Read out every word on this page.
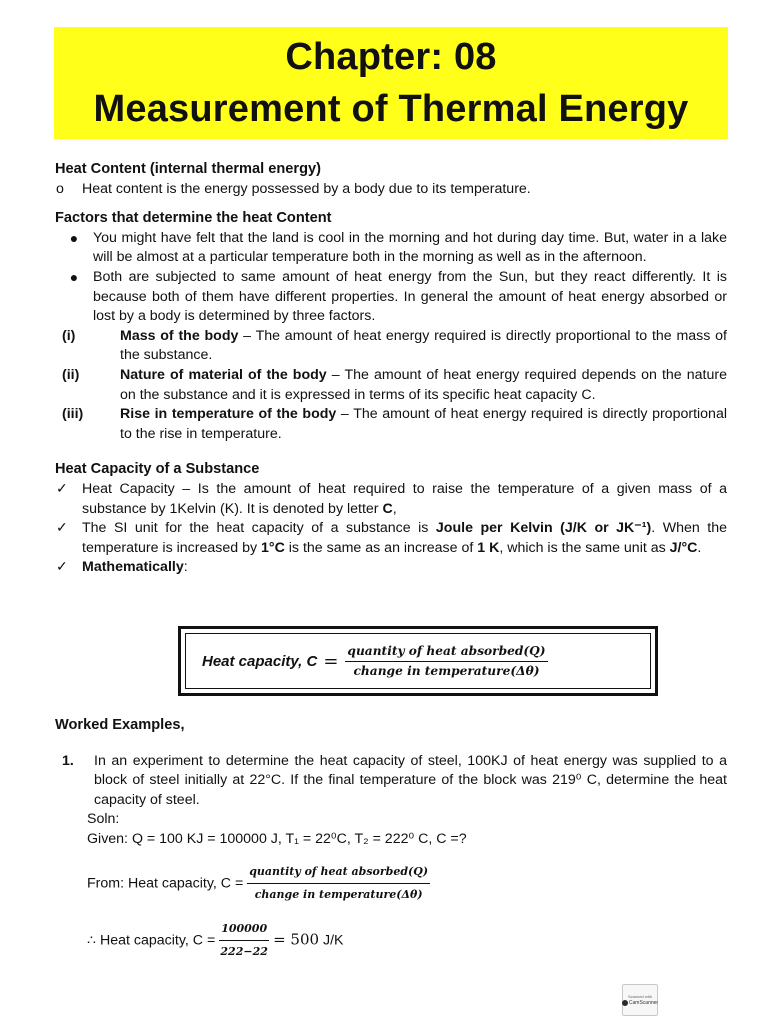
Chapter: 08
Measurement of Thermal Energy
Heat Content (internal thermal energy)
o	Heat content is the energy possessed by a body due to its temperature.
Factors that determine the heat Content
●	You might have felt that the land is cool in the morning and hot during day time. But, water in a lake will be almost at a particular temperature both in the morning as well as in the afternoon.
●	Both are subjected to same amount of heat energy from the Sun, but they react differently. It is because both of them have different properties. In general the amount of heat energy absorbed or lost by a body is determined by three factors.
(i)	Mass of the body – The amount of heat energy required is directly proportional to the mass of the substance.
(ii)	Nature of material of the body – The amount of heat energy required depends on the nature on the substance and it is expressed in terms of its specific heat capacity C.
(iii)	Rise in temperature of the body – The amount of heat energy required is directly proportional to the rise in temperature.
Heat Capacity of a Substance
✓ Heat Capacity – Is the amount of heat required to raise the temperature of a given mass of a substance by 1Kelvin (K). It is denoted by letter C,
✓ The SI unit for the heat capacity of a substance is Joule per Kelvin (J/K or JK⁻¹). When the temperature is increased by 1°C is the same as an increase of 1 K, which is the same unit as J/°C.
✓ Mathematically:
Heat capacity, $C = \frac{\text{quantity of heat absorbed(Q)}}{\text{change in temperature(Δθ)}}$
Worked Examples,
1.	In an experiment to determine the heat capacity of steel, 100KJ of heat energy was supplied to a block of steel initially at 22°C. If the final temperature of the block was 219⁰ C, determine the heat capacity of steel.
Soln:
Given: Q = 100 KJ = 100000 J, T₁ = 22⁰C, T₂ = 222⁰ C, C =?
From: Heat capacity, $C = \frac{\text{quantity of heat absorbed(Q)}}{\text{change in temperature(Δθ)}}$
∴ Heat capacity, $C = \frac{100000}{222-22} = 500$ J/K
Scanned with
CamScanner
